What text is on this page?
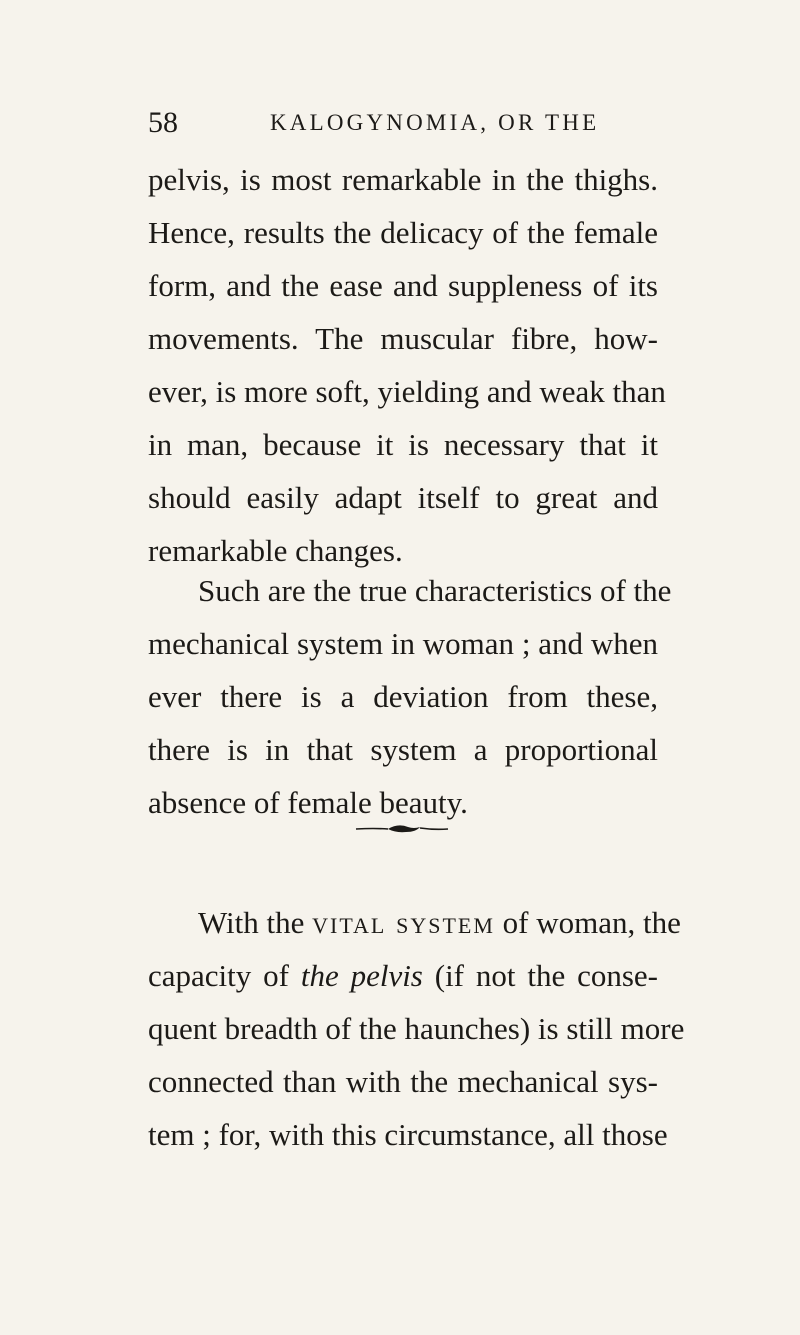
58	KALOGYNOMIA, OR THE
pelvis, is most remarkable in the thighs.
Hence, results the delicacy of the female
form, and the ease and suppleness of its
movements. The muscular fibre, how-
ever, is more soft, yielding and weak than
in man, because it is necessary that it
should easily adapt itself to great and
remarkable changes.
Such are the true characteristics of the
mechanical system in woman ; and when
ever there is a deviation from these,
there is in that system a proportional
absence of female beauty.
With the vital system of woman, the
capacity of the pelvis (if not the conse-
quent breadth of the haunches) is still more
connected than with the mechanical sys-
tem ; for, with this circumstance, all those
